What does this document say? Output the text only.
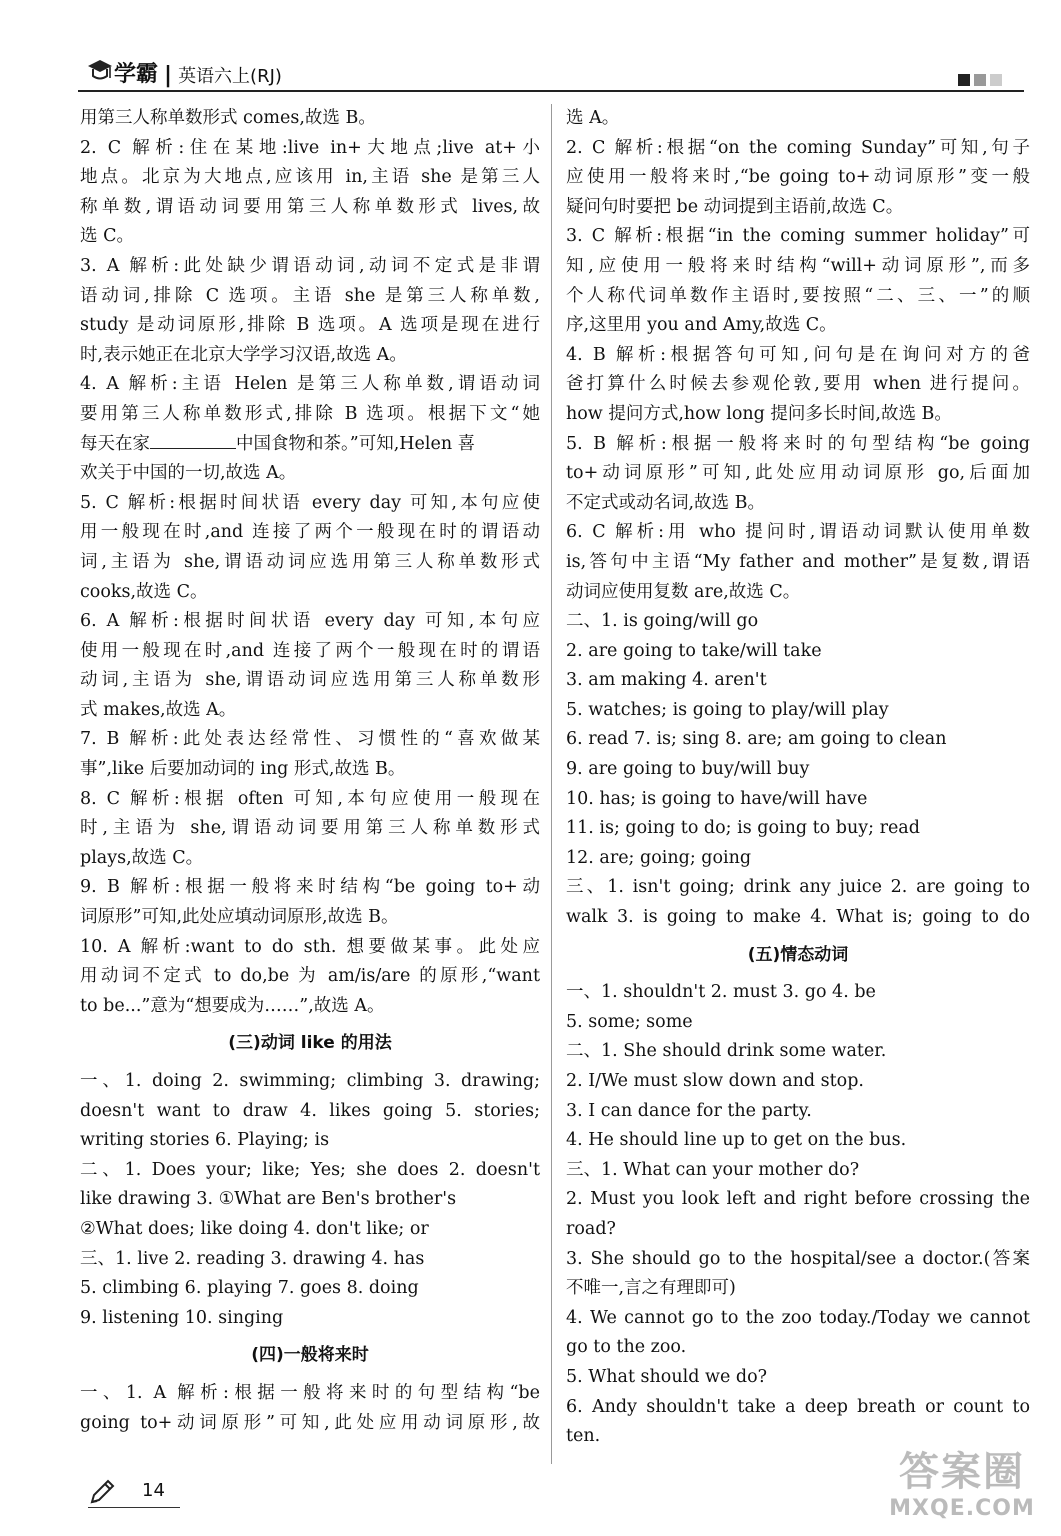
学霸 | 英语六上(RJ)
用第三人称单数形式 comes,故选 B。
2. C 解析:住在某地:live in+大地点;live at+小
地点。北京为大地点,应该用 in,主语 she 是第三人
称单数,谓语动词要用第三人称单数形式 lives,故
选 C。
3. A 解析:此处缺少谓语动词,动词不定式是非谓
语动词,排除 C 选项。主语 she 是第三人称单数,
study 是动词原形,排除 B 选项。A 选项是现在进行
时,表示她正在北京大学学习汉语,故选 A。
4. A 解析:主语 Helen 是第三人称单数,谓语动词
要用第三人称单数形式,排除 B 选项。根据下文“她
每天在家	中国食物和茶。”可知,Helen 喜
欢关于中国的一切,故选 A。
5. C 解析:根据时间状语 every day 可知,本句应使
用一般现在时,and 连接了两个一般现在时的谓语动
词,主语为 she,谓语动词应选用第三人称单数形式
cooks,故选 C。
6. A 解析:根据时间状语 every day 可知,本句应
使用一般现在时,and 连接了两个一般现在时的谓语
动词,主语为 she,谓语动词应选用第三人称单数形
式 makes,故选 A。
7. B 解析:此处表达经常性、习惯性的“喜欢做某
事”,like 后要加动词的 ing 形式,故选 B。
8. C 解析:根据 often 可知,本句应使用一般现在
时,主语为 she,谓语动词要用第三人称单数形式
plays,故选 C。
9. B 解析:根据一般将来时结构“be going to+动
词原形”可知,此处应填动词原形,故选 B。
10. A 解析:want to do sth. 想要做某事。此处应
用动词不定式 to do,be 为 am/is/are 的原形,“want
to be...”意为“想要成为……”,故选 A。
(三)动词 like 的用法
一、1. doing 2. swimming; climbing 3. drawing;
doesn't want to draw 4. likes going 5. stories;
writing stories 6. Playing; is
二、1. Does your; like; Yes; she does 2. doesn't
like drawing 3. ①What are Ben's brother's
②What does; like doing 4. don't like; or
三、1. live 2. reading 3. drawing 4. has
5. climbing 6. playing 7. goes 8. doing
9. listening 10. singing
(四)一般将来时
一、1. A 解析:根据一般将来时的句型结构“be
going to+动词原形”可知,此处应用动词原形,故
选 A。
2. C 解析:根据“on the coming Sunday”可知,句子
应使用一般将来时,“be going to+动词原形”变一般
疑问句时要把 be 动词提到主语前,故选 C。
3. C 解析:根据“in the coming summer holiday”可
知,应使用一般将来时结构“will+动词原形”,而多
个人称代词单数作主语时,要按照“二、三、一”的顺
序,这里用 you and Amy,故选 C。
4. B 解析:根据答句可知,问句是在询问对方的爸
爸打算什么时候去参观伦敦,要用 when 进行提问。
how 提问方式,how long 提问多长时间,故选 B。
5. B 解析:根据一般将来时的句型结构“be going
to+动词原形”可知,此处应用动词原形 go,后面加
不定式或动名词,故选 B。
6. C 解析:用 who 提问时,谓语动词默认使用单数
is,答句中主语“My father and mother”是复数,谓语
动词应使用复数 are,故选 C。
二、1. is going/will go
2. are going to take/will take
3. am making 4. aren't
5. watches; is going to play/will play
6. read 7. is; sing 8. are; am going to clean
9. are going to buy/will buy
10. has; is going to have/will have
11. is; going to do; is going to buy; read
12. are; going; going
三、1. isn't going; drink any juice 2. are going to
walk 3. is going to make 4. What is; going to do
(五)情态动词
一、1. shouldn't 2. must 3. go 4. be
5. some; some
二、1. She should drink some water.
2. I/We must slow down and stop.
3. I can dance for the party.
4. He should line up to get on the bus.
三、1. What can your mother do?
2. Must you look left and right before crossing the
road?
3. She should go to the hospital/see a doctor.(答案
不唯一,言之有理即可)
4. We cannot go to the zoo today./Today we cannot
go to the zoo.
5. What should we do?
6. Andy shouldn't take a deep breath or count to
ten.
14	答案圈
MXQE.COM
